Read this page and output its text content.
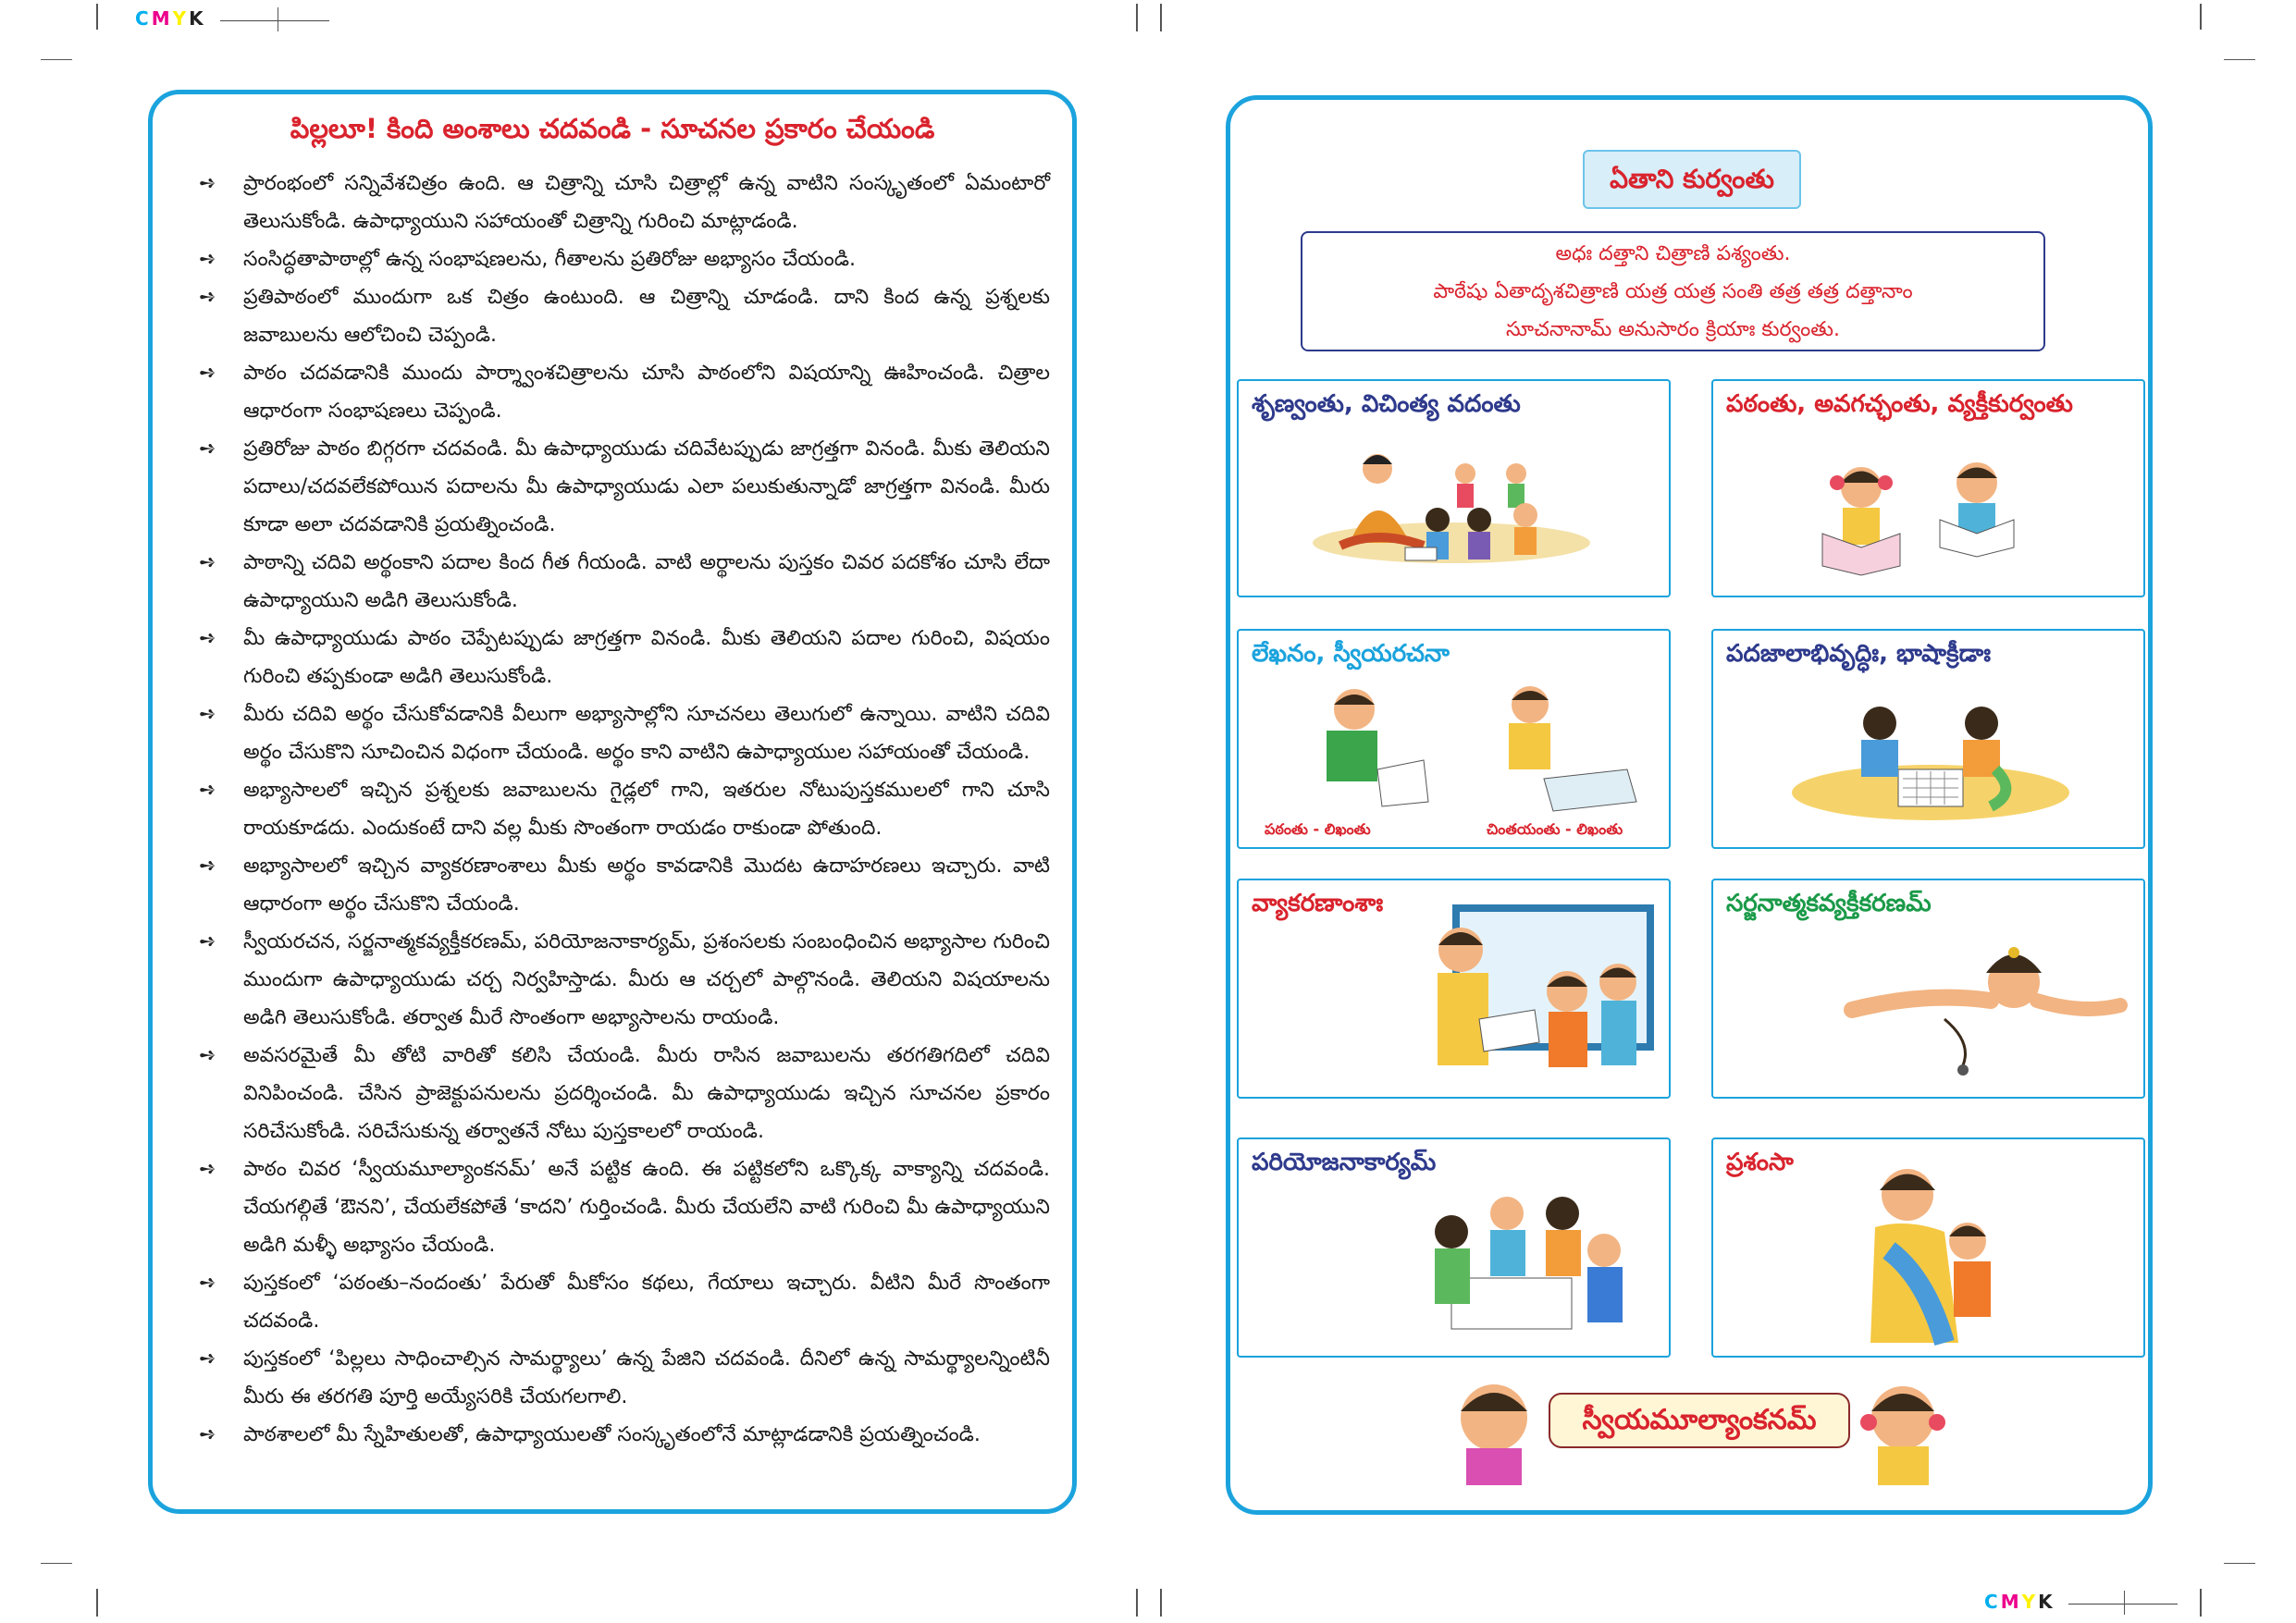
CMYK
CMYK
పిల్లలూ! కింది అంశాలు చదవండి - సూచనల ప్రకారం చేయండి
➺ ప్రారంభంలో సన్నివేశచిత్రం ఉంది. ఆ చిత్రాన్ని చూసి చిత్రాల్లో ఉన్న వాటిని సంస్కృతంలో ఏమంటారో తెలుసుకోండి. ఉపాధ్యాయుని సహాయంతో చిత్రాన్ని గురించి మాట్లాడండి.
➺ సంసిద్ధతాపాఠాల్లో ఉన్న సంభాషణలను, గీతాలను ప్రతిరోజు అభ్యాసం చేయండి.
➺ ప్రతిపాఠంలో ముందుగా ఒక చిత్రం ఉంటుంది. ఆ చిత్రాన్ని చూడండి. దాని కింద ఉన్న ప్రశ్నలకు జవాబులను ఆలోచించి చెప్పండి.
➺ పాఠం చదవడానికి ముందు పార్శ్వాంశచిత్రాలను చూసి పాఠంలోని విషయాన్ని ఊహించండి. చిత్రాల ఆధారంగా సంభాషణలు చెప్పండి.
➺ ప్రతిరోజు పాఠం బిగ్గరగా చదవండి. మీ ఉపాధ్యాయుడు చదివేటప్పుడు జాగ్రత్తగా వినండి. మీకు తెలియని పదాలు/చదవలేకపోయిన పదాలను మీ ఉపాధ్యాయుడు ఎలా పలుకుతున్నాడో జాగ్రత్తగా వినండి. మీరు కూడా అలా చదవడానికి ప్రయత్నించండి.
➺ పాఠాన్ని చదివి అర్థంకాని పదాల కింద గీత గీయండి. వాటి అర్థాలను పుస్తకం చివర పదకోశం చూసి లేదా ఉపాధ్యాయుని అడిగి తెలుసుకోండి.
➺ మీ ఉపాధ్యాయుడు పాఠం చెప్పేటప్పుడు జాగ్రత్తగా వినండి. మీకు తెలియని పదాల గురించి, విషయం గురించి తప్పకుండా అడిగి తెలుసుకోండి.
➺ మీరు చదివి అర్థం చేసుకోవడానికి వీలుగా అభ్యాసాల్లోని సూచనలు తెలుగులో ఉన్నాయి. వాటిని చదివి అర్థం చేసుకొని సూచించిన విధంగా చేయండి. అర్థం కాని వాటిని ఉపాధ్యాయుల సహాయంతో చేయండి.
➺ అభ్యాసాలలో ఇచ్చిన ప్రశ్నలకు జవాబులను గైడ్లలో గాని, ఇతరుల నోటుపుస్తకములలో గాని చూసి రాయకూడదు. ఎందుకంటే దాని వల్ల మీకు సొంతంగా రాయడం రాకుండా పోతుంది.
➺ అభ్యాసాలలో ఇచ్చిన వ్యాకరణాంశాలు మీకు అర్థం కావడానికి మొదట ఉదాహరణలు ఇచ్చారు. వాటి ఆధారంగా అర్థం చేసుకొని చేయండి.
➺ స్వీయరచన, సర్జనాత్మకవ్యక్తీకరణమ్, పరియోజనాకార్యమ్, ప్రశంసలకు సంబంధించిన అభ్యాసాల గురించి ముందుగా ఉపాధ్యాయుడు చర్చ నిర్వహిస్తాడు. మీరు ఆ చర్చలో పాల్గొనండి. తెలియని విషయాలను అడిగి తెలుసుకోండి. తర్వాత మీరే సొంతంగా అభ్యాసాలను రాయండి.
➺ అవసరమైతే మీ తోటి వారితో కలిసి చేయండి. మీరు రాసిన జవాబులను తరగతిగదిలో చదివి వినిపించండి. చేసిన ప్రాజెక్టుపనులను ప్రదర్శించండి. మీ ఉపాధ్యాయుడు ఇచ్చిన సూచనల ప్రకారం సరిచేసుకోండి. సరిచేసుకున్న తర్వాతనే నోటు పుస్తకాలలో రాయండి.
➺ పాఠం చివర ‘స్వీయమూల్యాంకనమ్’ అనే పట్టిక ఉంది. ఈ పట్టికలోని ఒక్కొక్క వాక్యాన్ని చదవండి. చేయగల్గితే ‘ఔనని’, చేయలేకపోతే ‘కాదని’ గుర్తించండి. మీరు చేయలేని వాటి గురించి మీ ఉపాధ్యాయుని అడిగి మళ్ళీ అభ్యాసం చేయండి.
➺ పుస్తకంలో ‘పఠంతు–నందంతు’ పేరుతో మీకోసం కథలు, గేయాలు ఇచ్చారు. వీటిని మీరే సొంతంగా చదవండి.
➺ పుస్తకంలో ‘పిల్లలు సాధించాల్సిన సామర్థ్యాలు’ ఉన్న పేజిని చదవండి. దీనిలో ఉన్న సామర్థ్యాలన్నింటినీ మీరు ఈ తరగతి పూర్తి అయ్యేసరికి చేయగలగాలి.
➺ పాఠశాలలో మీ స్నేహితులతో, ఉపాధ్యాయులతో సంస్కృతంలోనే మాట్లాడడానికి ప్రయత్నించండి.
ఏతాని కుర్వంతు
అధః దత్తాని చిత్రాణి పశ్యంతు.
పాఠేషు ఏతాదృశచిత్రాణి యత్ర యత్ర సంతి తత్ర తత్ర దత్తానాం
సూచనానామ్ అనుసారం క్రియాః కుర్వంతు.
శృణ్వంతు, విచింత్య వదంతు	పఠంతు, అవగచ్ఛంతు, వ్యక్తీకుర్వంతు
లేఖనం, స్వీయరచనా
పఠంతు - లిఖంతు	చింతయంతు - లిఖంతు
పదజాలాభివృద్ధిః, భాషాక్రీడాః
వ్యాకరణాంశాః	సర్జనాత్మకవ్యక్తీకరణమ్
పరియోజనాకార్యమ్	ప్రశంసా
స్వీయమూల్యాంకనమ్
